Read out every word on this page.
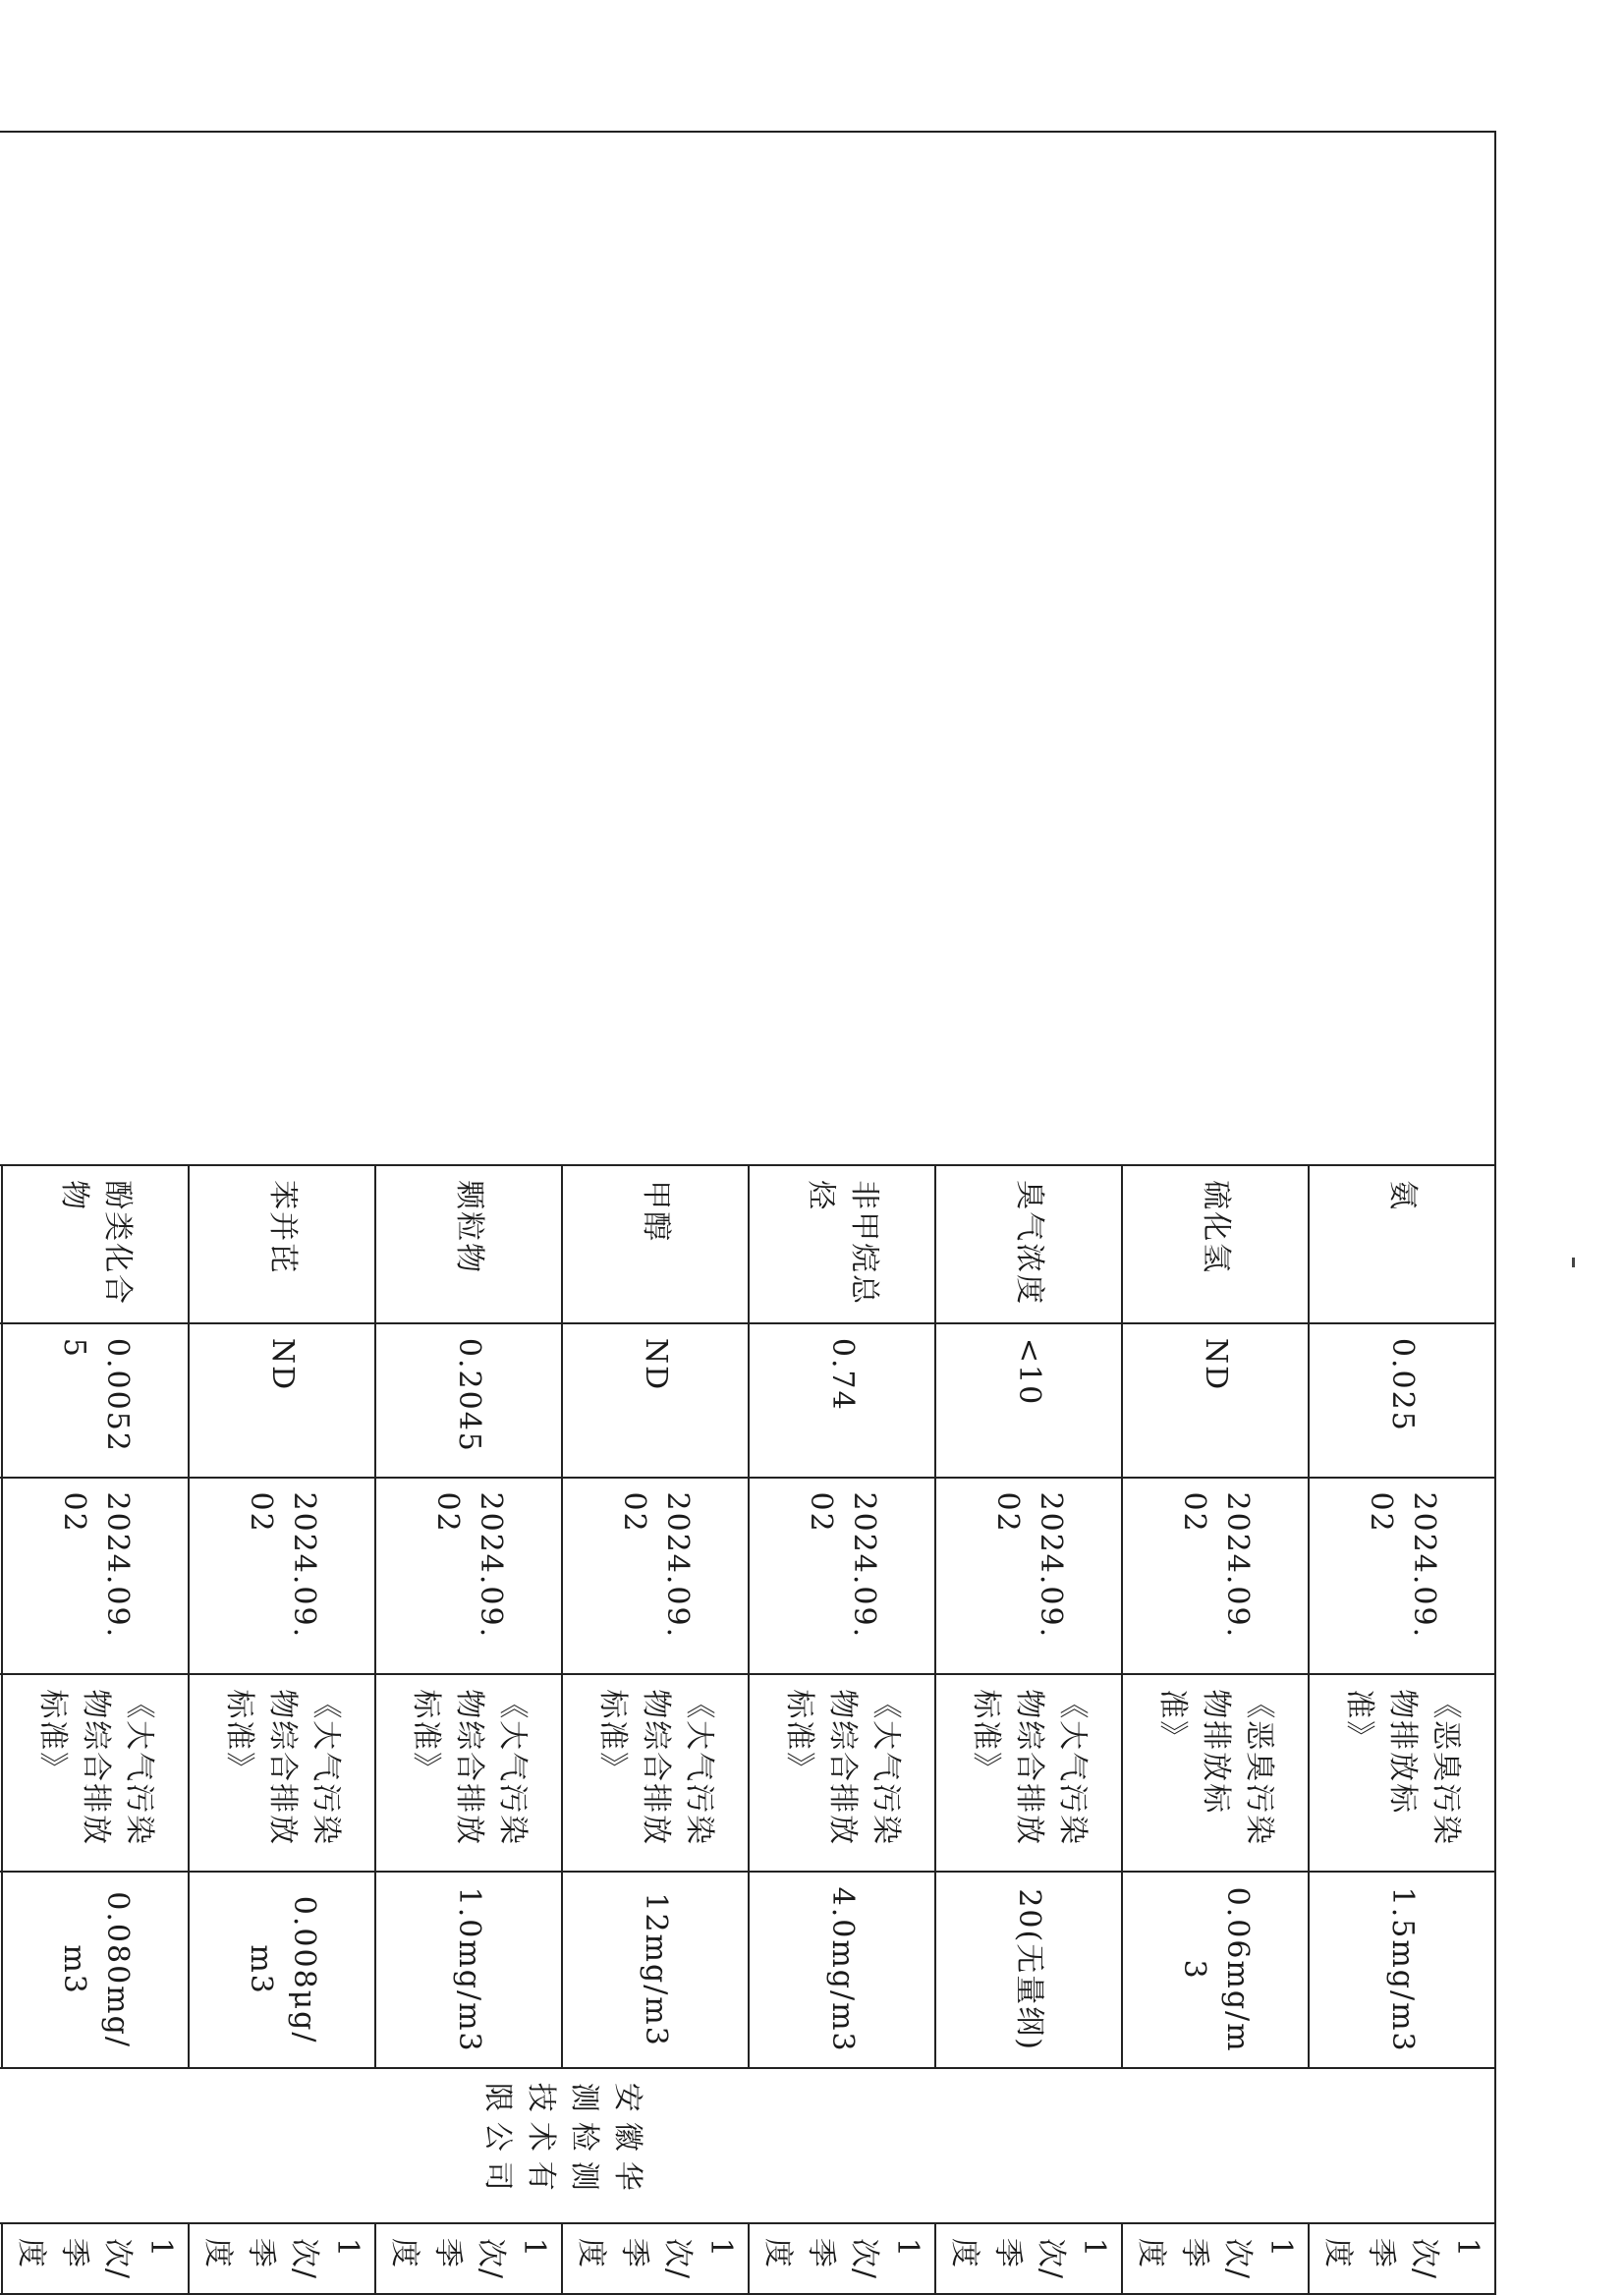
	氨	0.025	2024.09.02	《恶臭污染物排放标准》	1.5mg/m3	安徽华测检测技术有限公司	1次/季度
	硫化氢	ND	2024.09.02	《恶臭污染物排放标准》	0.06mg/m3		1次/季度
	臭气浓度	<10	2024.09.02	《大气污染物综合排放标准》	20(无量纲)		1次/季度
	非甲烷总烃	0.74	2024.09.02	《大气污染物综合排放标准》	4.0mg/m3		1次/季度
	甲醇	ND	2024.09.02	《大气污染物综合排放标准》	12mg/m3		1次/季度
	颗粒物	0.2045	2024.09.02	《大气污染物综合排放标准》	1.0mg/m3		1次/季度
	苯并芘	ND	2024.09.02	《大气污染物综合排放标准》	0.008μg/m3		1次/季度
	酚类化合物	0.00525	2024.09.02	《大气污染物综合排放标准》	0.080mg/m3		1次/季度
